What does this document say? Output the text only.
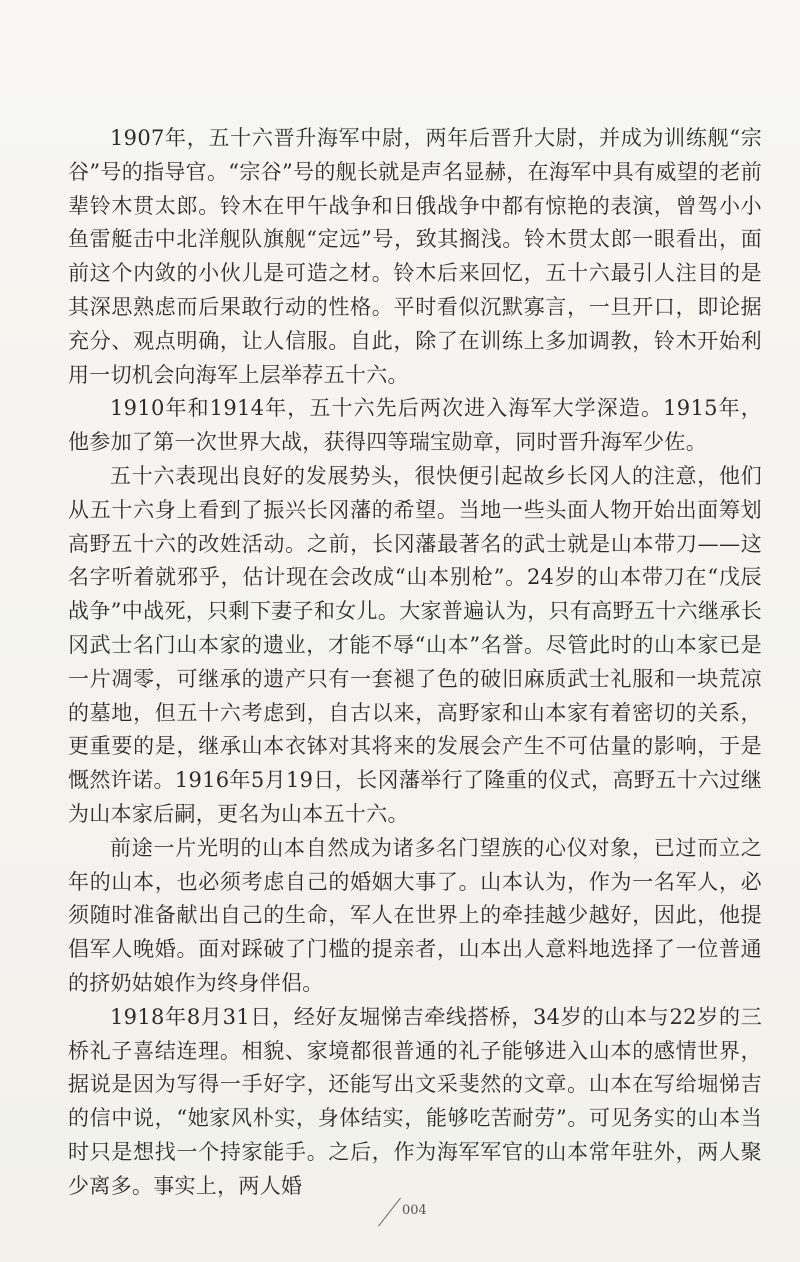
1907年，五十六晋升海军中尉，两年后晋升大尉，并成为训练舰“宗谷”号的指导官。“宗谷”号的舰长就是声名显赫，在海军中具有威望的老前辈铃木贯太郎。铃木在甲午战争和日俄战争中都有惊艳的表演，曾驾小小鱼雷艇击中北洋舰队旗舰“定远”号，致其搁浅。铃木贯太郎一眼看出，面前这个内敛的小伙儿是可造之材。铃木后来回忆，五十六最引人注目的是其深思熟虑而后果敢行动的性格。平时看似沉默寡言，一旦开口，即论据充分、观点明确，让人信服。自此，除了在训练上多加调教，铃木开始利用一切机会向海军上层举荐五十六。

1910年和1914年，五十六先后两次进入海军大学深造。1915年，他参加了第一次世界大战，获得四等瑞宝勋章，同时晋升海军少佐。

五十六表现出良好的发展势头，很快便引起故乡长冈人的注意，他们从五十六身上看到了振兴长冈藩的希望。当地一些头面人物开始出面筹划高野五十六的改姓活动。之前，长冈藩最著名的武士就是山本带刀——这名字听着就邪乎，估计现在会改成“山本别枪”。24岁的山本带刀在“戊辰战争”中战死，只剩下妻子和女儿。大家普遍认为，只有高野五十六继承长冈武士名门山本家的遗业，才能不辱“山本”名誉。尽管此时的山本家已是一片凋零，可继承的遗产只有一套褪了色的破旧麻质武士礼服和一块荒凉的墓地，但五十六考虑到，自古以来，高野家和山本家有着密切的关系，更重要的是，继承山本衣钵对其将来的发展会产生不可估量的影响，于是慨然许诺。1916年5月19日，长冈藩举行了隆重的仪式，高野五十六过继为山本家后嗣，更名为山本五十六。

前途一片光明的山本自然成为诸多名门望族的心仪对象，已过而立之年的山本，也必须考虑自己的婚姻大事了。山本认为，作为一名军人，必须随时准备献出自己的生命，军人在世界上的牵挂越少越好，因此，他提倡军人晚婚。面对踩破了门槛的提亲者，山本出人意料地选择了一位普通的挤奶姑娘作为终身伴侣。

1918年8月31日，经好友堀悌吉牵线搭桥，34岁的山本与22岁的三桥礼子喜结连理。相貌、家境都很普通的礼子能够进入山本的感情世界，据说是因为写得一手好字，还能写出文采斐然的文章。山本在写给堀悌吉的信中说，“她家风朴实，身体结实，能够吃苦耐劳”。可见务实的山本当时只是想找一个持家能手。之后，作为海军军官的山本常年驻外，两人聚少离多。事实上，两人婚

004
